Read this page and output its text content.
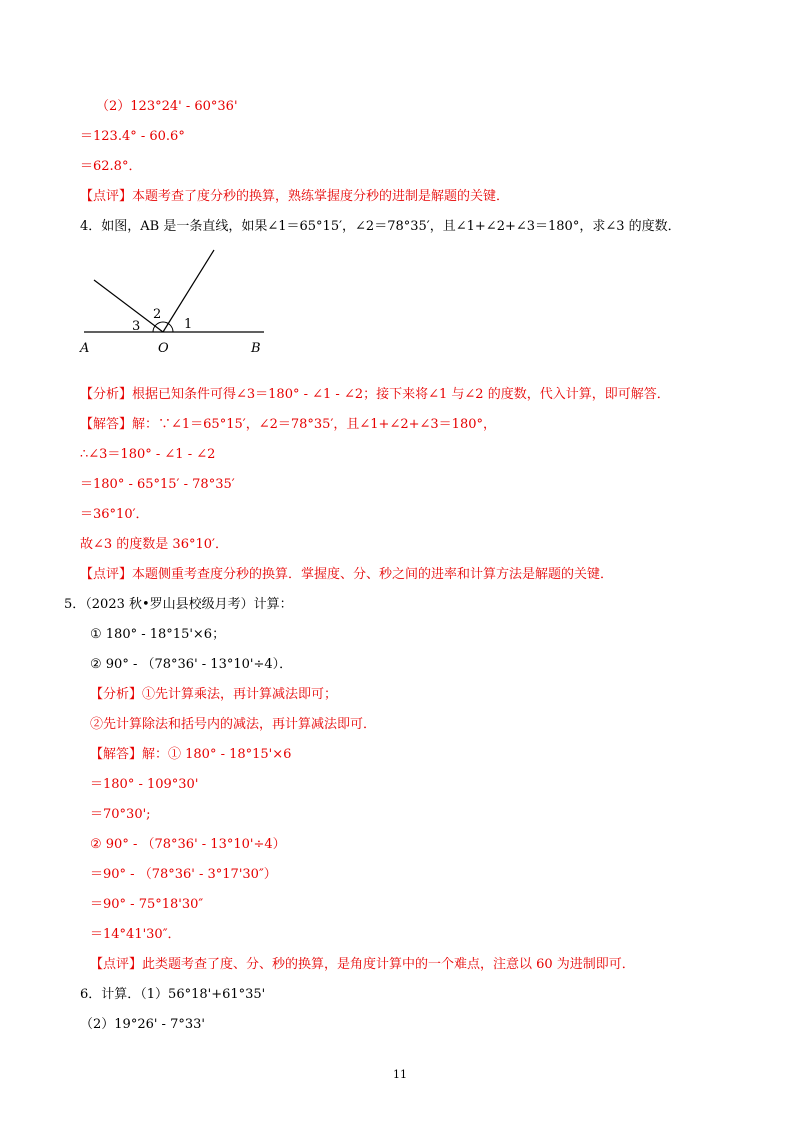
（2）123°24' - 60°36'
＝123.4° - 60.6°
＝62.8°．
【点评】本题考查了度分秒的换算，熟练掌握度分秒的进制是解题的关键．
4．如图，AB 是一条直线，如果∠1＝65°15′，∠2＝78°35′，且∠1+∠2+∠3＝180°，求∠3 的度数．
3
2
1
A	O	B
【分析】根据已知条件可得∠3＝180° - ∠1 - ∠2；接下来将∠1 与∠2 的度数，代入计算，即可解答．
【解答】解：∵∠1＝65°15′，∠2＝78°35′，且∠1+∠2+∠3＝180°，
∴∠3＝180° - ∠1 - ∠2
＝180° - 65°15′ - 78°35′
＝36°10′．
故∠3 的度数是 36°10′．
【点评】本题侧重考查度分秒的换算．掌握度、分、秒之间的进率和计算方法是解题的关键．
5．（2023 秋•罗山县校级月考）计算：
① 180° - 18°15'×6；
② 90° - （78°36' - 13°10'÷4）．
【分析】①先计算乘法，再计算减法即可；
②先计算除法和括号内的减法，再计算减法即可．
【解答】解：① 180° - 18°15'×6
＝180° - 109°30'
＝70°30';
② 90° - （78°36' - 13°10'÷4）
＝90° - （78°36' - 3°17'30″）
＝90° - 75°18'30″
＝14°41'30″．
【点评】此类题考查了度、分、秒的换算，是角度计算中的一个难点，注意以 60 为进制即可．
6．计算．（1）56°18'+61°35'
（2）19°26' - 7°33'
11
